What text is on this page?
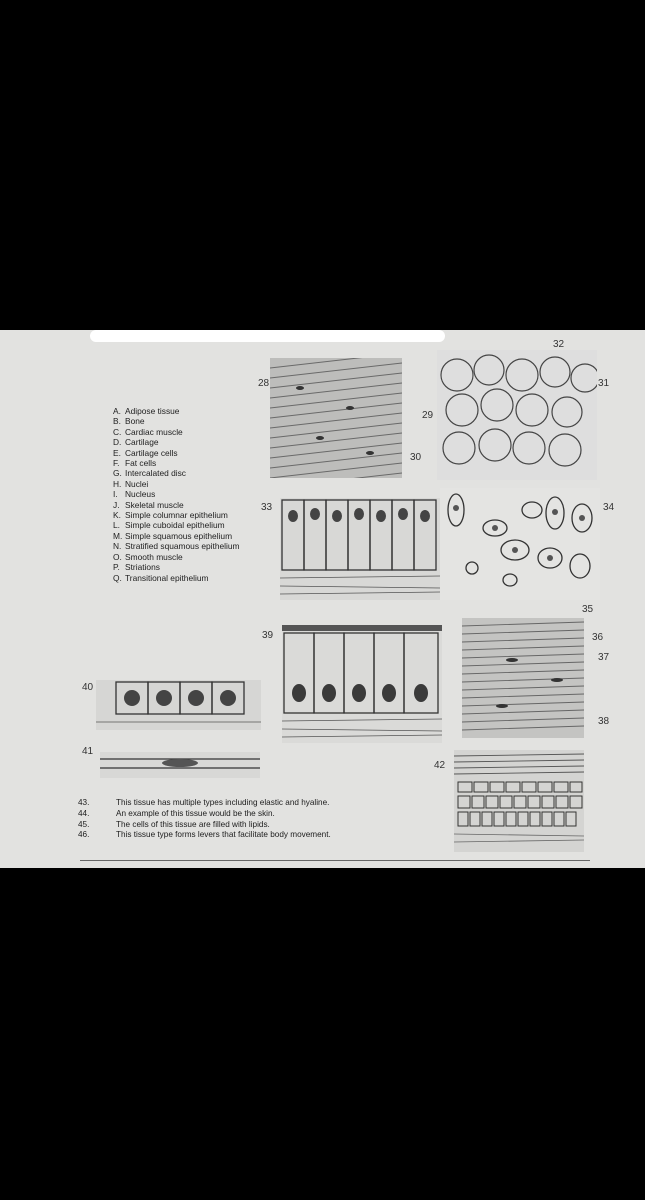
A. Adipose tissue
B. Bone
C. Cardiac muscle
D. Cartilage
E. Cartilage cells
F. Fat cells
G. Intercalated disc
H. Nuclei
I. Nucleus
J. Skeletal muscle
K. Simple columnar epithelium
L. Simple cuboidal epithelium
M. Simple squamous epithelium
N. Stratified squamous epithelium
O. Smooth muscle
P. Striations
Q. Transitional epithelium
28
29
30
31
32
33	34
35
36
37
38
39
40
41
42
43.	This tissue has multiple types including elastic and hyaline.
44.	An example of this tissue would be the skin.
45.	The cells of this tissue are filled with lipids.
46.	This tissue type forms levers that facilitate body movement.
